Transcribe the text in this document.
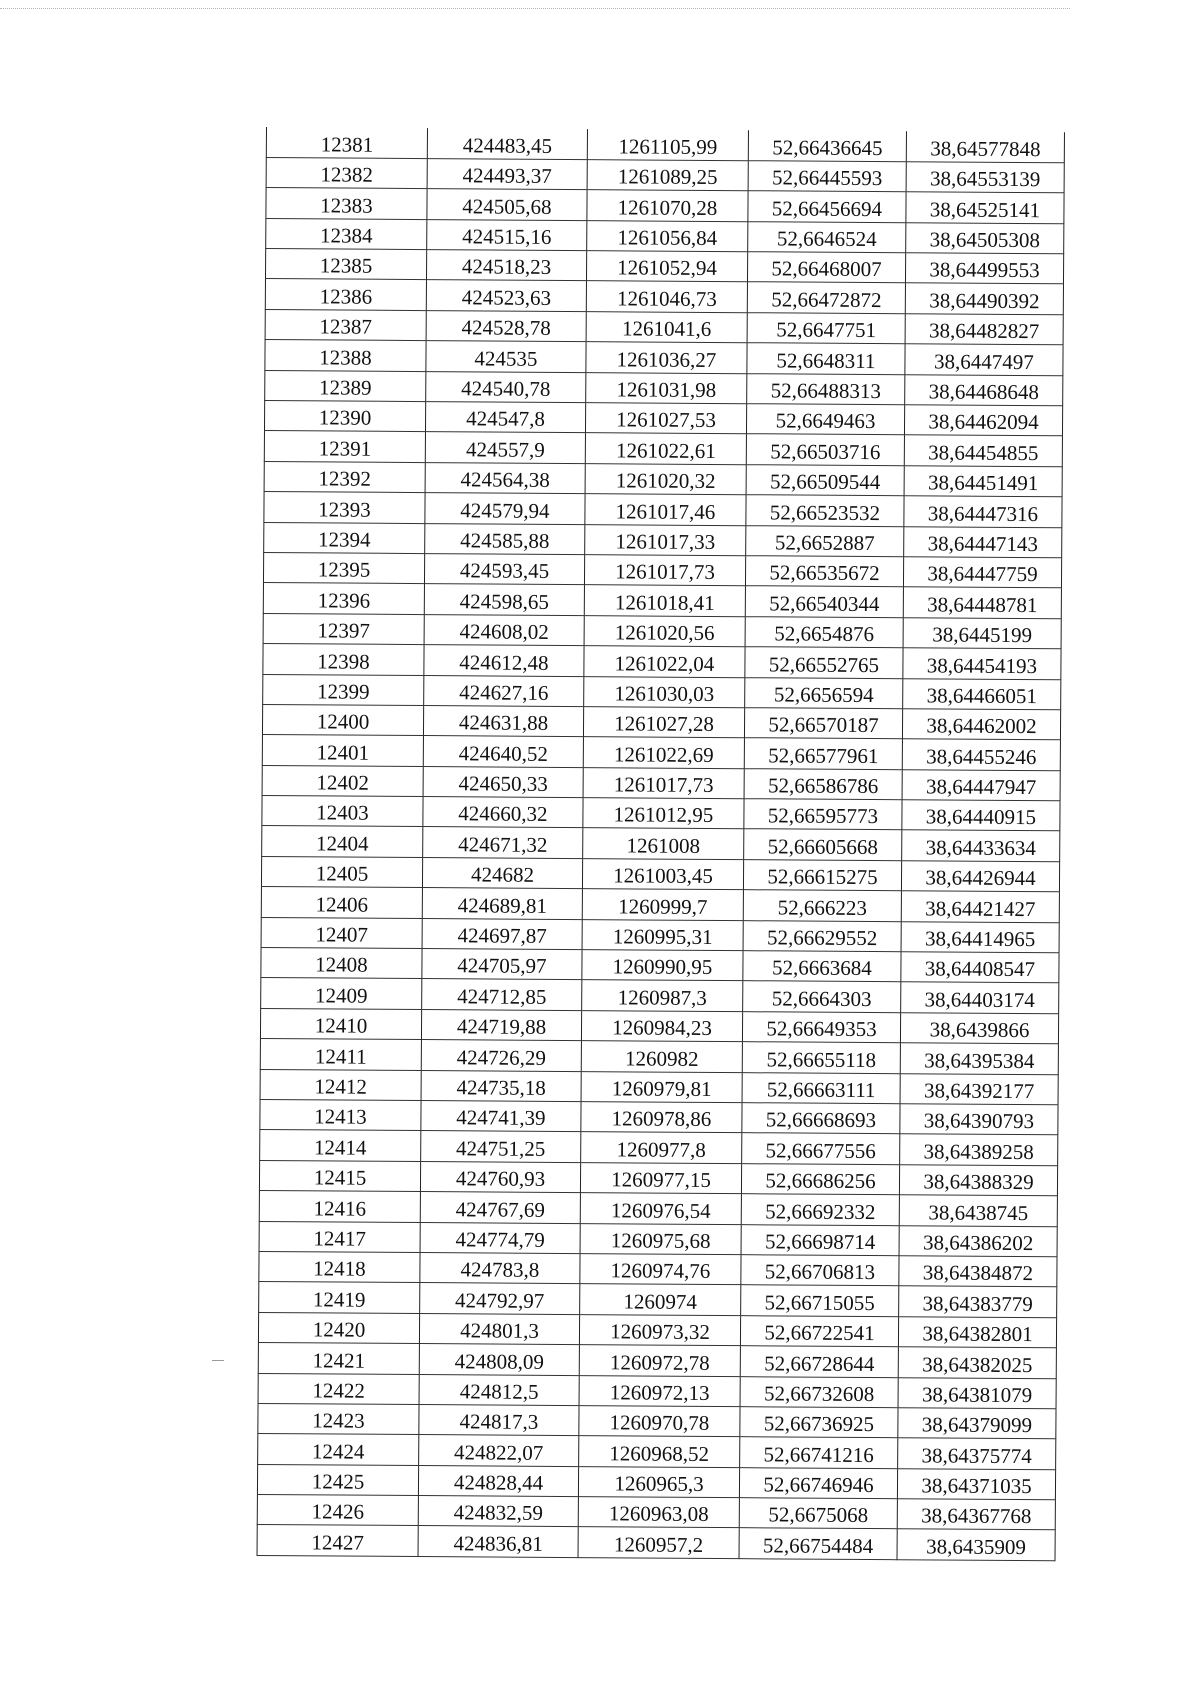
12381	424483,45	1261105,99	52,66436645	38,64577848
12382	424493,37	1261089,25	52,66445593	38,64553139
12383	424505,68	1261070,28	52,66456694	38,64525141
12384	424515,16	1261056,84	52,6646524	38,64505308
12385	424518,23	1261052,94	52,66468007	38,64499553
12386	424523,63	1261046,73	52,66472872	38,64490392
12387	424528,78	1261041,6	52,6647751	38,64482827
12388	424535	1261036,27	52,6648311	38,6447497
12389	424540,78	1261031,98	52,66488313	38,64468648
12390	424547,8	1261027,53	52,6649463	38,64462094
12391	424557,9	1261022,61	52,66503716	38,64454855
12392	424564,38	1261020,32	52,66509544	38,64451491
12393	424579,94	1261017,46	52,66523532	38,64447316
12394	424585,88	1261017,33	52,6652887	38,64447143
12395	424593,45	1261017,73	52,66535672	38,64447759
12396	424598,65	1261018,41	52,66540344	38,64448781
12397	424608,02	1261020,56	52,6654876	38,6445199
12398	424612,48	1261022,04	52,66552765	38,64454193
12399	424627,16	1261030,03	52,6656594	38,64466051
12400	424631,88	1261027,28	52,66570187	38,64462002
12401	424640,52	1261022,69	52,66577961	38,64455246
12402	424650,33	1261017,73	52,66586786	38,64447947
12403	424660,32	1261012,95	52,66595773	38,64440915
12404	424671,32	1261008	52,66605668	38,64433634
12405	424682	1261003,45	52,66615275	38,64426944
12406	424689,81	1260999,7	52,666223	38,64421427
12407	424697,87	1260995,31	52,66629552	38,64414965
12408	424705,97	1260990,95	52,6663684	38,64408547
12409	424712,85	1260987,3	52,6664303	38,64403174
12410	424719,88	1260984,23	52,66649353	38,6439866
12411	424726,29	1260982	52,66655118	38,64395384
12412	424735,18	1260979,81	52,66663111	38,64392177
12413	424741,39	1260978,86	52,66668693	38,64390793
12414	424751,25	1260977,8	52,66677556	38,64389258
12415	424760,93	1260977,15	52,66686256	38,64388329
12416	424767,69	1260976,54	52,66692332	38,6438745
12417	424774,79	1260975,68	52,66698714	38,64386202
12418	424783,8	1260974,76	52,66706813	38,64384872
12419	424792,97	1260974	52,66715055	38,64383779
12420	424801,3	1260973,32	52,66722541	38,64382801
12421	424808,09	1260972,78	52,66728644	38,64382025
12422	424812,5	1260972,13	52,66732608	38,64381079
12423	424817,3	1260970,78	52,66736925	38,64379099
12424	424822,07	1260968,52	52,66741216	38,64375774
12425	424828,44	1260965,3	52,66746946	38,64371035
12426	424832,59	1260963,08	52,6675068	38,64367768
12427	424836,81	1260957,2	52,66754484	38,6435909
